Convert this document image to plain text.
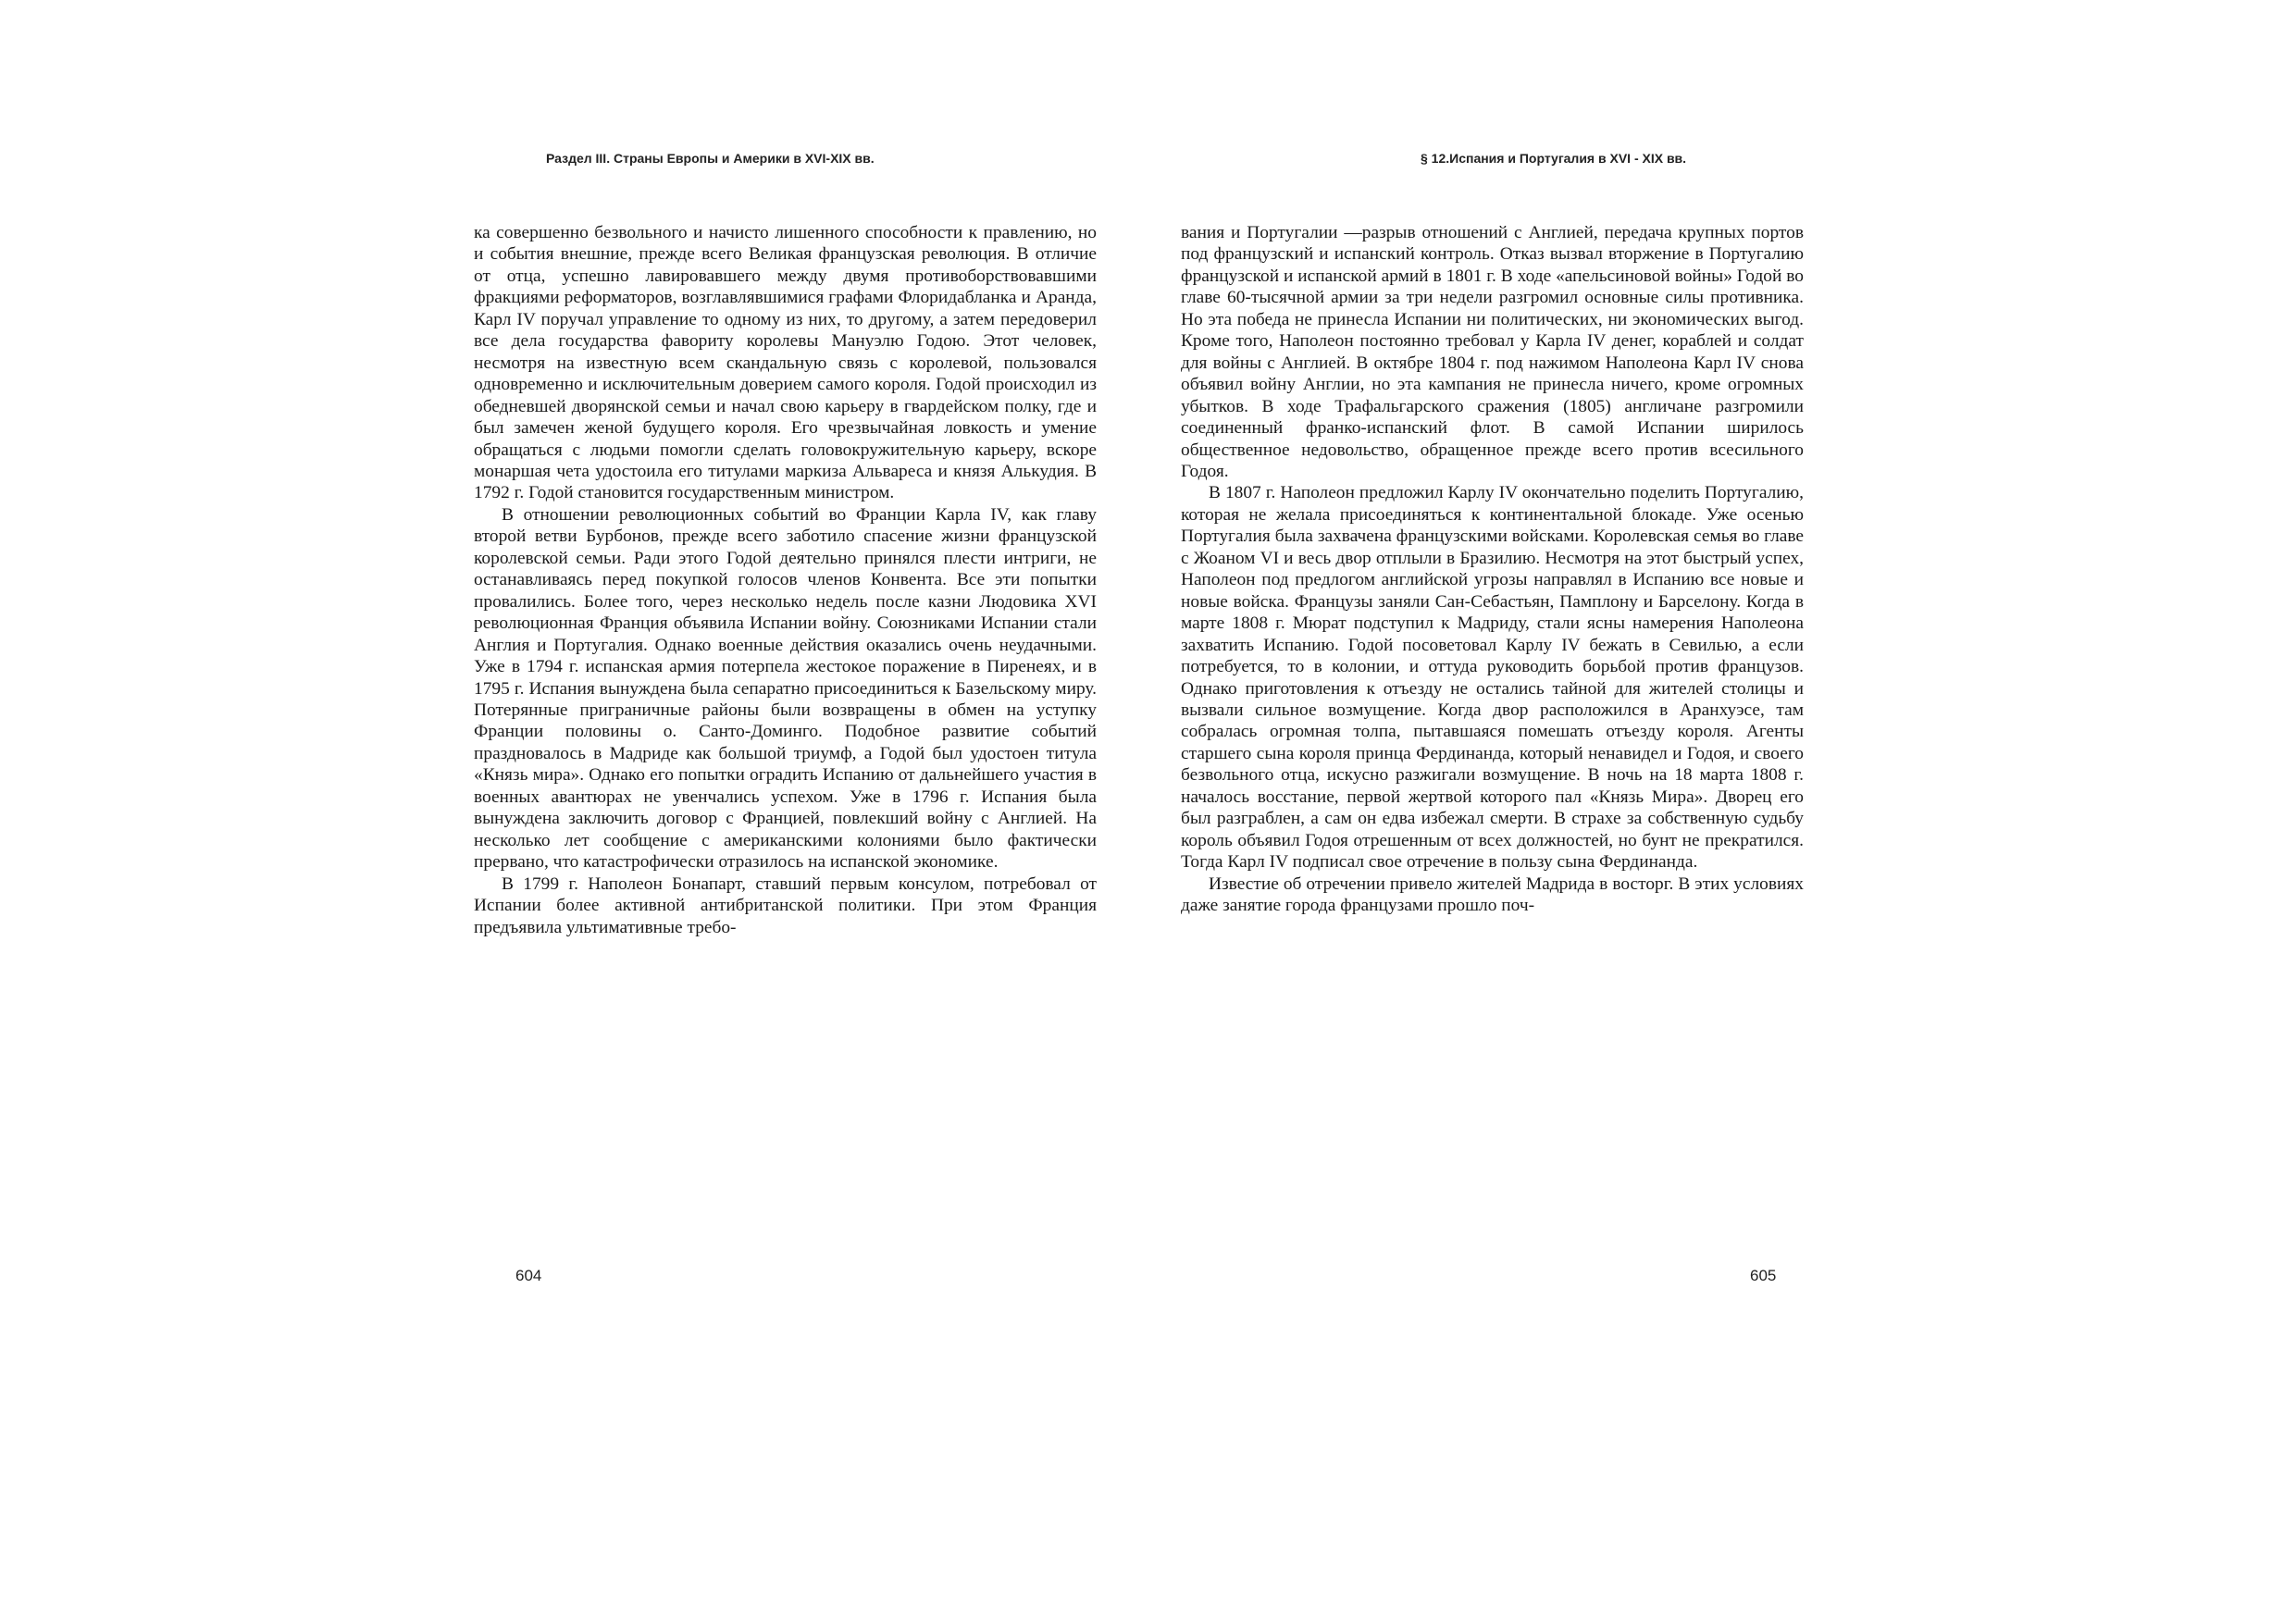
Раздел III. Страны Европы и Америки в XVI-XIX вв.

ка совершенно безвольного и начисто лишенного способности к правлению, но и события внешние, прежде всего Великая французская революция. В отличие от отца, успешно лавировавшего между двумя противоборствовавшими фракциями реформаторов, возглавлявшимися графами Флоридабланка и Аранда, Карл IV поручал управление то одному из них, то другому, а затем передоверил все дела государства фавориту королевы Мануэлю Годою. Этот человек, несмотря на известную всем скандальную связь с королевой, пользовался одновременно и исключительным доверием самого короля. Годой происходил из обедневшей дворянской семьи и начал свою карьеру в гвардейском полку, где и был замечен женой будущего короля. Его чрезвычайная ловкость и умение обращаться с людьми помогли сделать головокружительную карьеру, вскоре монаршая чета удостоила его титулами маркиза Альвареса и князя Алькудия. В 1792 г. Годой становится государственным министром.

В отношении революционных событий во Франции Карла IV, как главу второй ветви Бурбонов, прежде всего заботило спасение жизни французской королевской семьи. Ради этого Годой деятельно принялся плести интриги, не останавливаясь перед покупкой голосов членов Конвента. Все эти попытки провалились. Более того, через несколько недель после казни Людовика XVI революционная Франция объявила Испании войну. Союзниками Испании стали Англия и Португалия. Однако военные действия оказались очень неудачными. Уже в 1794 г. испанская армия потерпела жестокое поражение в Пиренеях, и в 1795 г. Испания вынуждена была сепаратно присоединиться к Базельскому миру. Потерянные приграничные районы были возвращены в обмен на уступку Франции половины о. Санто-Доминго. Подобное развитие событий праздновалось в Мадриде как большой триумф, а Годой был удостоен титула «Князь мира». Однако его попытки оградить Испанию от дальнейшего участия в военных авантюрах не увенчались успехом. Уже в 1796 г. Испания была вынуждена заключить договор с Францией, повлекший войну с Англией. На несколько лет сообщение с американскими колониями было фактически прервано, что катастрофически отразилось на испанской экономике.

В 1799 г. Наполеон Бонапарт, ставший первым консулом, потребовал от Испании более активной антибританской политики. При этом Франция предъявила ультимативные требо-

604
§ 12.Испания и Португалия в XVI - XIX вв.

вания и Португалии —разрыв отношений с Англией, передача крупных портов под французский и испанский контроль. Отказ вызвал вторжение в Португалию французской и испанской армий в 1801 г. В ходе «апельсиновой войны» Годой во главе 60-тысячной армии за три недели разгромил основные силы противника. Но эта победа не принесла Испании ни политических, ни экономических выгод. Кроме того, Наполеон постоянно требовал у Карла IV денег, кораблей и солдат для войны с Англией. В октябре 1804 г. под нажимом Наполеона Карл IV снова объявил войну Англии, но эта кампания не принесла ничего, кроме огромных убытков. В ходе Трафальгарского сражения (1805) англичане разгромили соединенный франко-испанский флот. В самой Испании ширилось общественное недовольство, обращенное прежде всего против всесильного Годоя.

В 1807 г. Наполеон предложил Карлу IV окончательно поделить Португалию, которая не желала присоединяться к континентальной блокаде. Уже осенью Португалия была захвачена французскими войсками. Королевская семья во главе с Жоаном VI и весь двор отплыли в Бразилию. Несмотря на этот быстрый успех, Наполеон под предлогом английской угрозы направлял в Испанию все новые и новые войска. Французы заняли Сан-Себастьян, Памплону и Барселону. Когда в марте 1808 г. Мюрат подступил к Мадриду, стали ясны намерения Наполеона захватить Испанию. Годой посоветовал Карлу IV бежать в Севилью, а если потребуется, то в колонии, и оттуда руководить борьбой против французов. Однако приготовления к отъезду не остались тайной для жителей столицы и вызвали сильное возмущение. Когда двор расположился в Аранхуэсе, там собралась огромная толпа, пытавшаяся помешать отъезду короля. Агенты старшего сына короля принца Фердинанда, который ненавидел и Годоя, и своего безвольного отца, искусно разжигали возмущение. В ночь на 18 марта 1808 г. началось восстание, первой жертвой которого пал «Князь Мира». Дворец его был разграблен, а сам он едва избежал смерти. В страхе за собственную судьбу король объявил Годоя отрешенным от всех должностей, но бунт не прекратился. Тогда Карл IV подписал свое отречение в пользу сына Фердинанда.

Известие об отречении привело жителей Мадрида в восторг. В этих условиях даже занятие города французами прошло поч-

605
